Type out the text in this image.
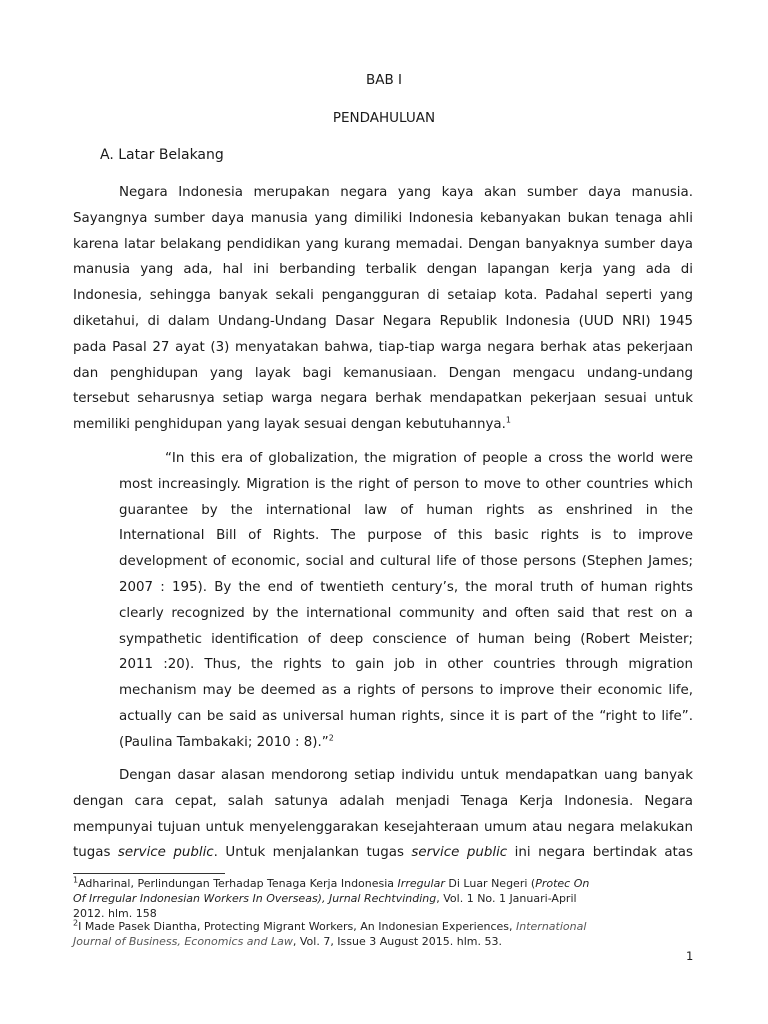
BAB I
PENDAHULUAN
A. Latar Belakang
Negara Indonesia merupakan negara yang kaya akan sumber daya manusia.
Sayangnya sumber daya manusia yang dimiliki Indonesia kebanyakan bukan tenaga ahli
karena latar belakang pendidikan yang kurang memadai. Dengan banyaknya sumber daya
manusia yang ada, hal ini berbanding terbalik dengan lapangan kerja yang ada di
Indonesia, sehingga banyak sekali pengangguran di setaiap kota. Padahal seperti yang
diketahui, di dalam Undang-Undang Dasar Negara Republik Indonesia (UUD NRI) 1945
pada Pasal 27 ayat (3) menyatakan bahwa, tiap-tiap warga negara berhak atas pekerjaan
dan penghidupan yang layak bagi kemanusiaan. Dengan mengacu undang-undang
tersebut seharusnya setiap warga negara berhak mendapatkan pekerjaan sesuai untuk
memiliki penghidupan yang layak sesuai dengan kebutuhannya.$^1$
“In this era of globalization, the migration of people a cross the world were
most increasingly. Migration is the right of person to move to other countries which
guarantee by the international law of human rights as enshrined in the
International Bill of Rights. The purpose of this basic rights is to improve
development of economic, social and cultural life of those persons (Stephen James;
2007 : 195). By the end of twentieth century’s, the moral truth of human rights
clearly recognized by the international community and often said that rest on a
sympathetic identification of deep conscience of human being (Robert Meister;
2011 :20). Thus, the rights to gain job in other countries through migration
mechanism may be deemed as a rights of persons to improve their economic life,
actually can be said as universal human rights, since it is part of the “right to life”.
(Paulina Tambakaki; 2010 : 8).”$^2$
Dengan dasar alasan mendorong setiap individu untuk mendapatkan uang banyak
dengan cara cepat, salah satunya adalah menjadi Tenaga Kerja Indonesia. Negara
mempunyai tujuan untuk menyelenggarakan kesejahteraan umum atau negara melakukan
tugas service public. Untuk menjalankan tugas service public ini negara bertindak atas
$^1$Adharinal, Perlindungan Terhadap Tenaga Kerja Indonesia Irregular Di Luar Negeri (Protec On
Of Irregular Indonesian Workers In Overseas), Jurnal Rechtvinding, Vol. 1 No. 1 Januari-April
2012. hlm. 158
$^2$I Made Pasek Diantha, Protecting Migrant Workers, An Indonesian Experiences, International
Journal of Business, Economics and Law, Vol. 7, Issue 3 August 2015. hlm. 53.
1
